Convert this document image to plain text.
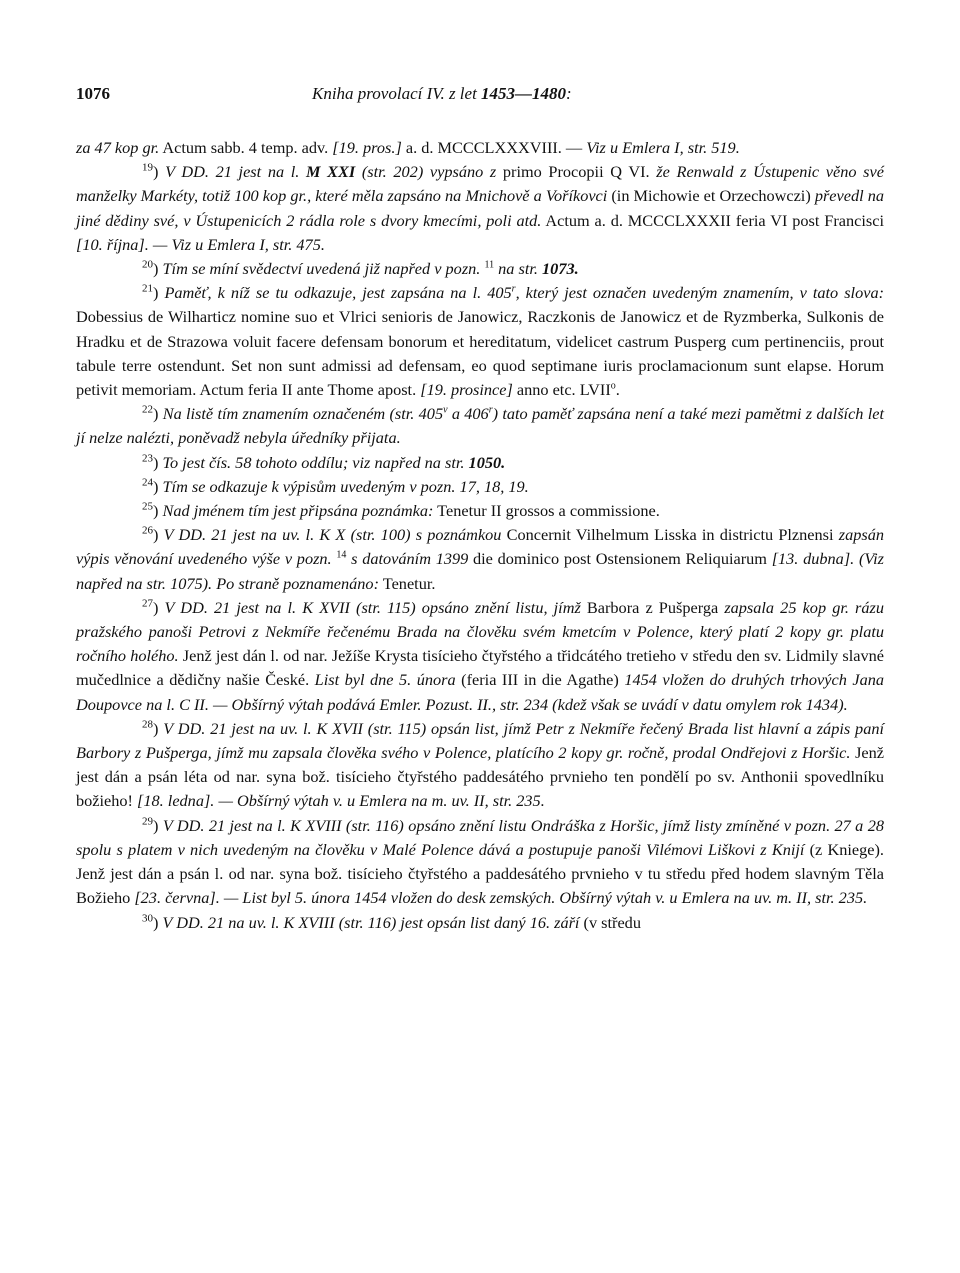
1076	Kniha provolací IV. z let 1453—1480:

za 47 kop gr. Actum sabb. 4 temp. adv. [19. pros.] a. d. MCCCLXXXVIII. — Viz u Emlera I, str. 519.

$^{19}$) V DD. 21 jest na l. M XXI (str. 202) vypsáno z primo Procopii Q VI. že Renwald z Ústupenic věno své manželky Markéty, totiž 100 kop gr., které měla zapsáno na Mnichově a Voříkovci (in Michowie et Orzechowczi) převedl na jiné dědiny své, v Ústupenicích 2 rádla role s dvory kmecími, poli atd. Actum a. d. MCCCLXXXII feria VI post Francisci [10. října]. — Viz u Emlera I, str. 475.

$^{20}$) Tím se míní svědectví uvedená již napřed v pozn. $^{11}$ na str. 1073.

$^{21}$) Paměť, k níž se tu odkazuje, jest zapsána na l. 405$^r$, který jest označen uvedeným znamením, v tato slova: Dobessius de Wilharticz nomine suo et Vlrici senioris de Janowicz, Raczkonis de Janowicz et de Ryzmberka, Sulkonis de Hradku et de Strazowa voluit facere defensam bonorum et hereditatum, videlicet castrum Pusperg cum pertinenciis, prout tabule terre ostendunt. Set non sunt admissi ad defensam, eo quod septimane iuris proclamacionum sunt elapse. Horum petivit memoriam. Actum feria II ante Thome apost. [19. prosince] anno etc. LVII$^o$.

$^{22}$) Na listě tím znamením označeném (str. 405$^v$ a 406$^r$) tato paměť zapsána není a také mezi pamětmi z dalších let jí nelze nalézti, poněvadž nebyla úředníky přijata.

$^{23}$) To jest čís. 58 tohoto oddílu; viz napřed na str. 1050.

$^{24}$) Tím se odkazuje k výpisům uvedeným v pozn. 17, 18, 19.

$^{25}$) Nad jménem tím jest připsána poznámka: Tenetur II grossos a commissione.

$^{26}$) V DD. 21 jest na uv. l. K X (str. 100) s poznámkou Concernit Vilhelmum Lisska in districtu Plznensi zapsán výpis věnování uvedeného výše v pozn. $^{14}$ s datováním 1399 die dominico post Ostensionem Reliquiarum [13. dubna]. (Viz napřed na str. 1075). Po straně poznamenáno: Tenetur.

$^{27}$) V DD. 21 jest na l. K XVII (str. 115) opsáno znění listu, jímž Barbora z Pušperga zapsala 25 kop gr. rázu pražského panoši Petrovi z Nekmíře řečenému Brada na člověku svém kmetcím v Polence, který platí 2 kopy gr. platu ročního holého. Jenž jest dán l. od nar. Ježíše Krysta tisícieho čtyřstého a třidcátého tretieho v středu den sv. Lidmily slavné mučedlnice a dědičny našie České. List byl dne 5. února (feria III in die Agathe) 1454 vložen do druhých trhových Jana Doupovce na l. C II. — Obšírný výtah podává Emler. Pozust. II., str. 234 (kdež však se uvádí v datu omylem rok 1434).

$^{28}$) V DD. 21 jest na uv. l. K XVII (str. 115) opsán list, jímž Petr z Nekmíře řečený Brada list hlavní a zápis paní Barbory z Pušperga, jímž mu zapsala člověka svého v Polence, platícího 2 kopy gr. ročně, prodal Ondřejovi z Horšic. Jenž jest dán a psán léta od nar. syna bož. tisícieho čtyřstého paddesátého prvnieho ten pondělí po sv. Anthonii spovedlníku božieho! [18. ledna]. — Obšírný výtah v. u Emlera na m. uv. II, str. 235.

$^{29}$) V DD. 21 jest na l. K XVIII (str. 116) opsáno znění listu Ondráška z Horšic, jímž listy zmíněné v pozn. 27 a 28 spolu s platem v nich uvedeným na člověku v Malé Polence dává a postupuje panoši Vilémovi Liškovi z Knijí (z Kniege). Jenž jest dán a psán l. od nar. syna bož. tisícieho čtyřstého a paddesátého prvnieho v tu středu před hodem slavným Těla Božieho [23. června]. — List byl 5. února 1454 vložen do desk zemských. Obšírný výtah v. u Emlera na uv. m. II, str. 235.

$^{30}$) V DD. 21 na uv. l. K XVIII (str. 116) jest opsán list daný 16. září (v středu
